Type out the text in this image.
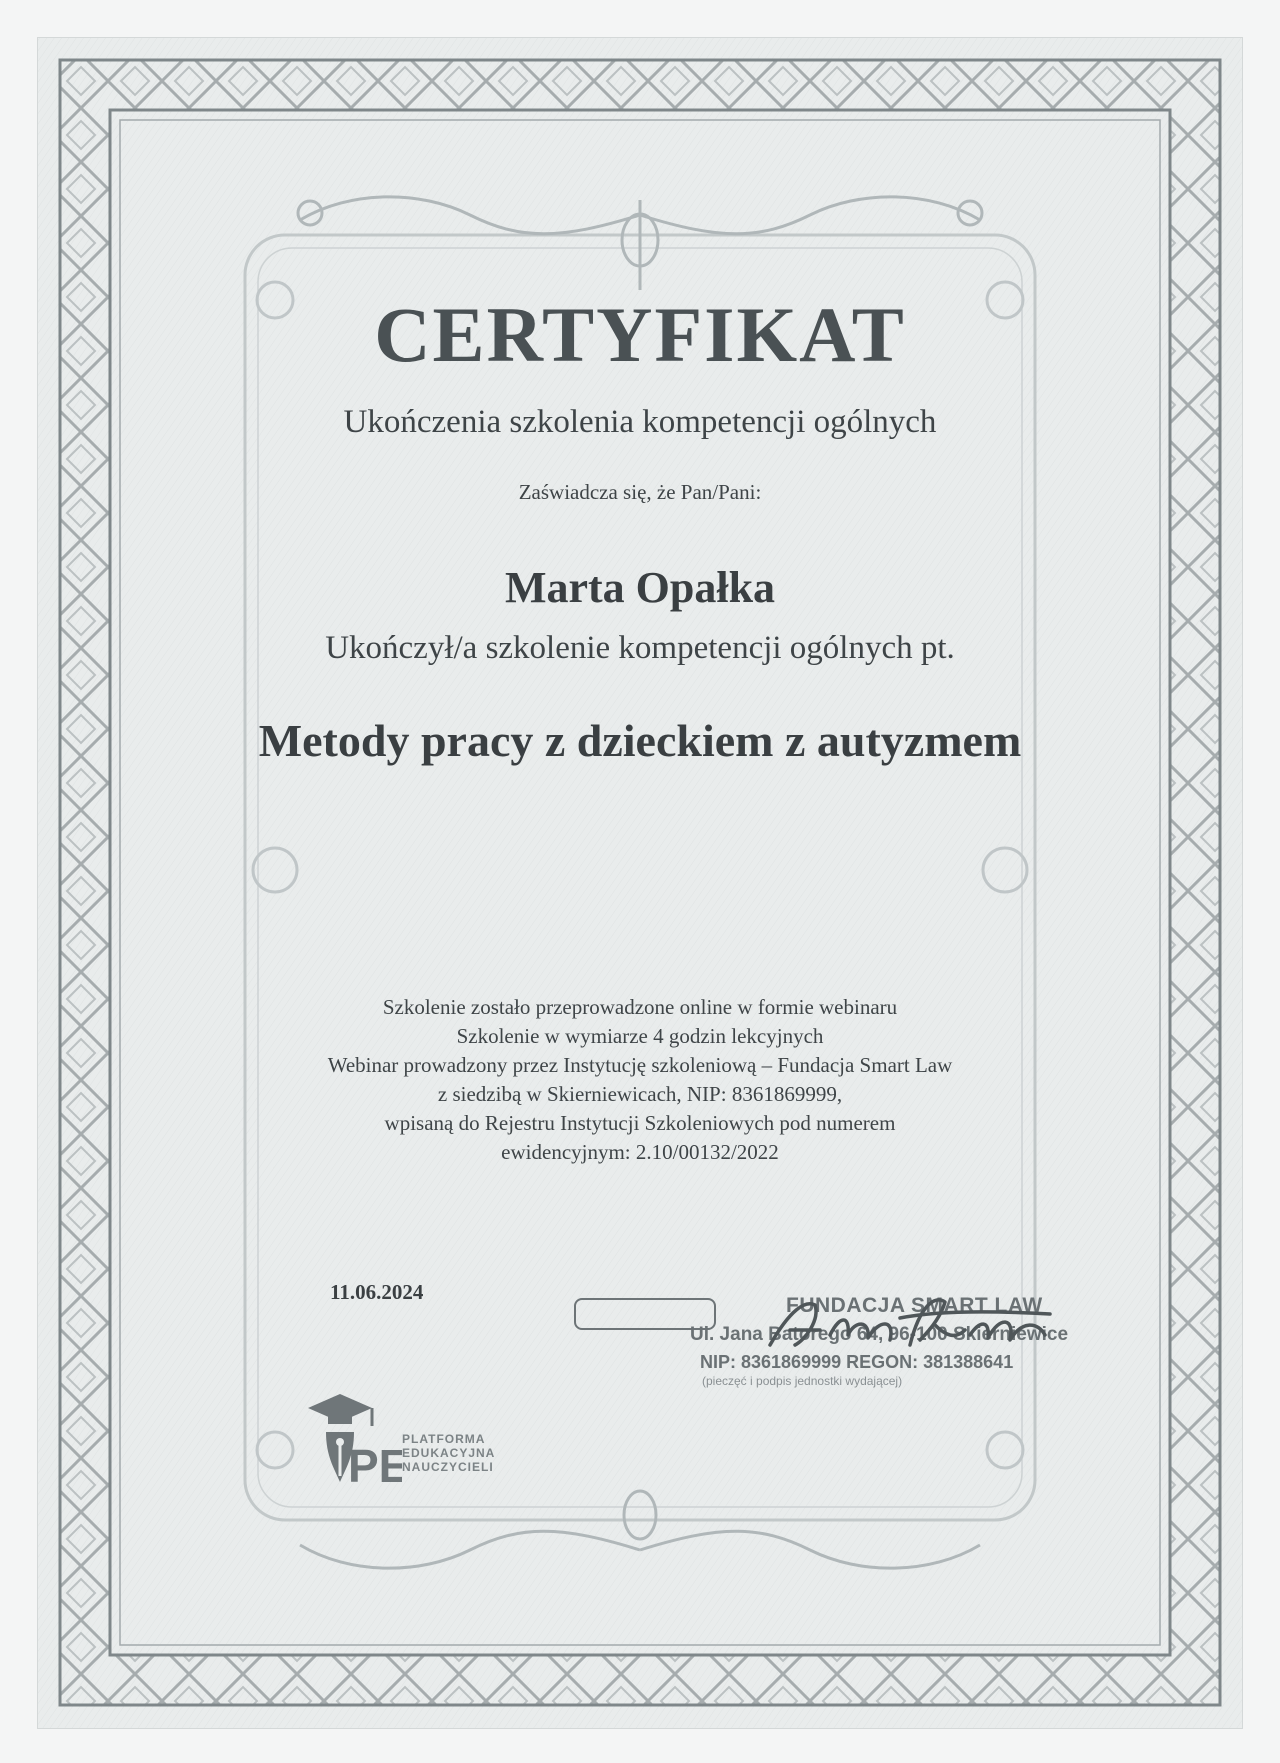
CERTYFIKAT
Ukończenia szkolenia kompetencji ogólnych
Zaświadcza się, że Pan/Pani:
Marta Opałka
Ukończył/a szkolenie kompetencji ogólnych pt.
Metody pracy z dzieckiem z autyzmem
Szkolenie zostało przeprowadzone online w formie webinaru
Szkolenie w wymiarze 4 godzin lekcyjnych
Webinar prowadzony przez Instytucję szkoleniową – Fundacja Smart Law
z siedzibą w Skierniewicach, NIP: 8361869999,
wpisaną do Rejestru Instytucji Szkoleniowych pod numerem
ewidencyjnym: 2.10/00132/2022
11.06.2024
FUNDACJA SMART LAW
Ul. Jana Batorego 64, 96-100 Skierniewice
NIP: 8361869999 REGON: 381388641
(pieczęć i podpis jednostki wydającej)
PE
PLATFORMA
EDUKACYJNA
NAUCZYCIELI
